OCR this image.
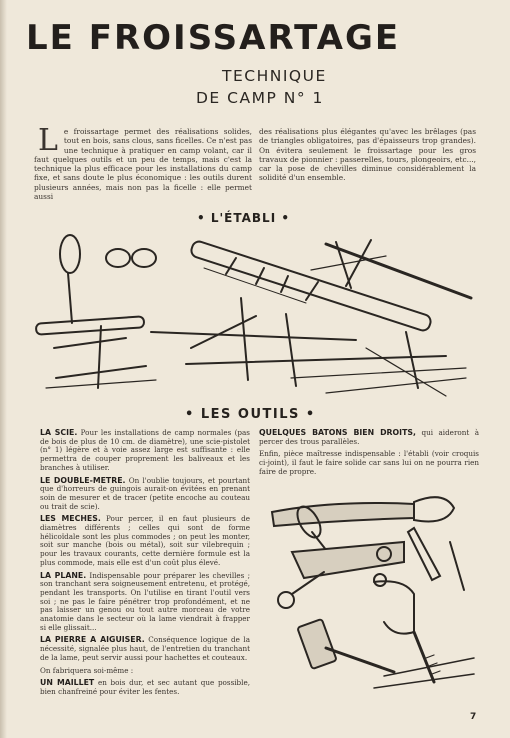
LE FROISSARTAGE
TECHNIQUE
DE CAMP N° 1
L e froissartage permet des réalisations solides, tout en bois, sans clous, sans ficelles. Ce n'est pas une technique à pratiquer en camp volant, car il faut quelques outils et un peu de temps, mais c'est la technique la plus efficace pour les installations du camp fixe, et sans doute le plus économique : les outils durent plusieurs années, mais non pas la ficelle : elle permet aussi
des réalisations plus élégantes qu'avec les brêlages (pas de triangles obligatoires, pas d'épaisseurs trop grandes). On évitera seulement le froissartage pour les gros travaux de pionnier : passerelles, tours, plongeoirs, etc..., car la pose de chevilles diminue considérablement la solidité d'un ensemble.
• L'ÉTABLI •
• LES OUTILS •

LA SCIE. Pour les installations de camp normales (pas de bois de plus de 10 cm. de diamètre), une scie-pistolet (n° 1) légère et à voie assez large est suffisante : elle permettra de couper proprement les baliveaux et les branches à utiliser.

LE DOUBLE-METRE. On l'oublie toujours, et pourtant que d'horreurs de guingois aurait-on évitées en prenant soin de mesurer et de tracer (petite encoche au couteau ou trait de scie).

LES MECHES. Pour percer, il en faut plusieurs de diamètres différents ; celles qui sont de forme hélicoïdale sont les plus commodes ; on peut les monter, soit sur manche (bois ou métal), soit sur vilebrequin ; pour les travaux courants, cette dernière formule est la plus commode, mais elle est d'un coût plus élevé.

LA PLANE. Indispensable pour préparer les chevilles ; son tranchant sera soigneusement entretenu, et protégé, pendant les transports. On l'utilise en tirant l'outil vers soi ; ne pas le faire pénétrer trop profondément, et ne pas laisser un genou ou tout autre morceau de votre anatomie dans le secteur où la lame viendrait à frapper si elle glissait...

LA PIERRE A AIGUISER. Conséquence logique de la nécessité, signalée plus haut, de l'entretien du tranchant de la lame, peut servir aussi pour hachettes et couteaux.

On fabriquera soi-même :

UN MAILLET en bois dur, et sec autant que possible, bien chanfreiné pour éviter les fentes.

QUELQUES BATONS BIEN DROITS, qui aideront à percer des trous parallèles.

Enfin, pièce maîtresse indispensable : l'établi (voir croquis ci-joint), il faut le faire solide car sans lui on ne pourra rien faire de propre.

7
